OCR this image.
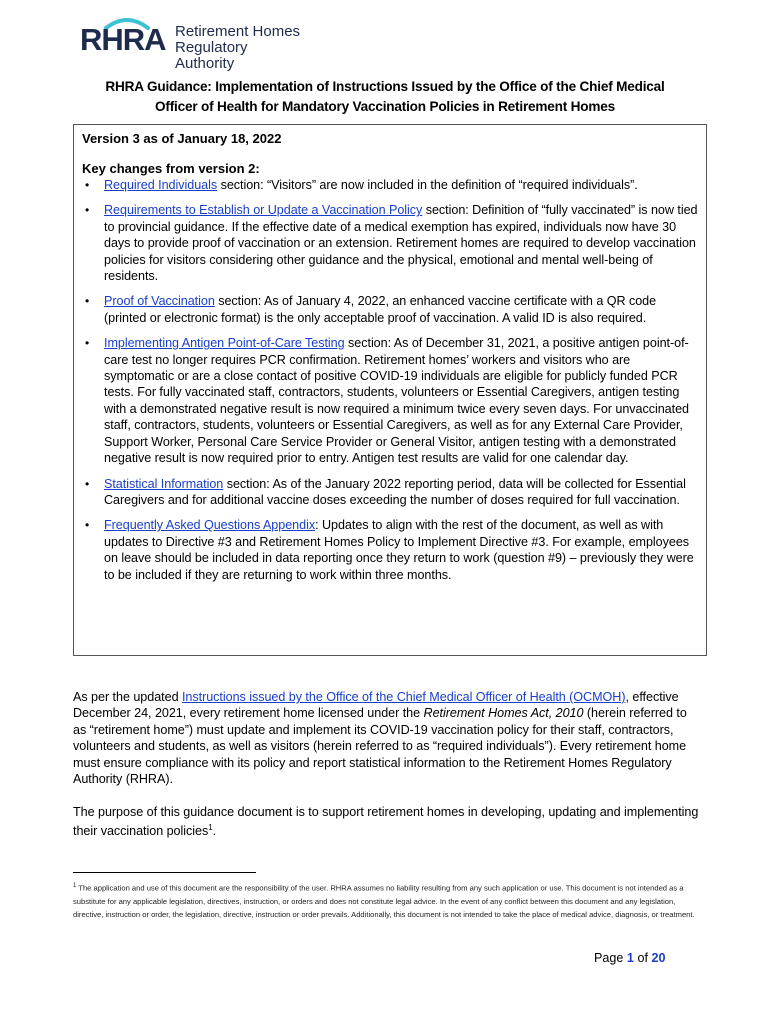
RHRA Retirement Homes
Regulatory Authority
RHRA Guidance: Implementation of Instructions Issued by the Office of the Chief Medical
Officer of Health for Mandatory Vaccination Policies in Retirement Homes

Version 3 as of January 18, 2022

Key changes from version 2:

• Required Individuals section: “Visitors” are now included in the definition of “required individuals”.
• Requirements to Establish or Update a Vaccination Policy section: Definition of “fully vaccinated” is now tied to provincial guidance. If the effective date of a medical exemption has expired, individuals now have 30 days to provide proof of vaccination or an extension. Retirement homes are required to develop vaccination policies for visitors considering other guidance and the physical, emotional and mental well-being of residents.
• Proof of Vaccination section: As of January 4, 2022, an enhanced vaccine certificate with a QR code (printed or electronic format) is the only acceptable proof of vaccination. A valid ID is also required.
• Implementing Antigen Point-of-Care Testing section: As of December 31, 2021, a positive antigen point-of-care test no longer requires PCR confirmation. Retirement homes’ workers and visitors who are symptomatic or are a close contact of positive COVID-19 individuals are eligible for publicly funded PCR tests. For fully vaccinated staff, contractors, students, volunteers or Essential Caregivers, antigen testing with a demonstrated negative result is now required a minimum twice every seven days. For unvaccinated staff, contractors, students, volunteers or Essential Caregivers, as well as for any External Care Provider, Support Worker, Personal Care Service Provider or General Visitor, antigen testing with a demonstrated negative result is now required prior to entry. Antigen test results are valid for one calendar day.
• Statistical Information section: As of the January 2022 reporting period, data will be collected for Essential Caregivers and for additional vaccine doses exceeding the number of doses required for full vaccination.
• Frequently Asked Questions Appendix: Updates to align with the rest of the document, as well as with updates to Directive #3 and Retirement Homes Policy to Implement Directive #3. For example, employees on leave should be included in data reporting once they return to work (question #9) – previously they were to be included if they are returning to work within three months.

As per the updated Instructions issued by the Office of the Chief Medical Officer of Health (OCMOH), effective December 24, 2021, every retirement home licensed under the Retirement Homes Act, 2010 (herein referred to as “retirement home”) must update and implement its COVID-19 vaccination policy for their staff, contractors, volunteers and students, as well as visitors (herein referred to as “required individuals”). Every retirement home must ensure compliance with its policy and report statistical information to the Retirement Homes Regulatory Authority (RHRA).

The purpose of this guidance document is to support retirement homes in developing, updating and implementing their vaccination policies$^1$.

$^1$ The application and use of this document are the responsibility of the user. RHRA assumes no liability resulting from any such application or use. This document is not intended as a substitute for any applicable legislation, directives, instruction, or orders and does not constitute legal advice. In the event of any conflict between this document and any legislation, directive, instruction or order, the legislation, directive, instruction or order prevails. Additionally, this document is not intended to take the place of medical advice, diagnosis, or treatment.

Page 1 of 20
